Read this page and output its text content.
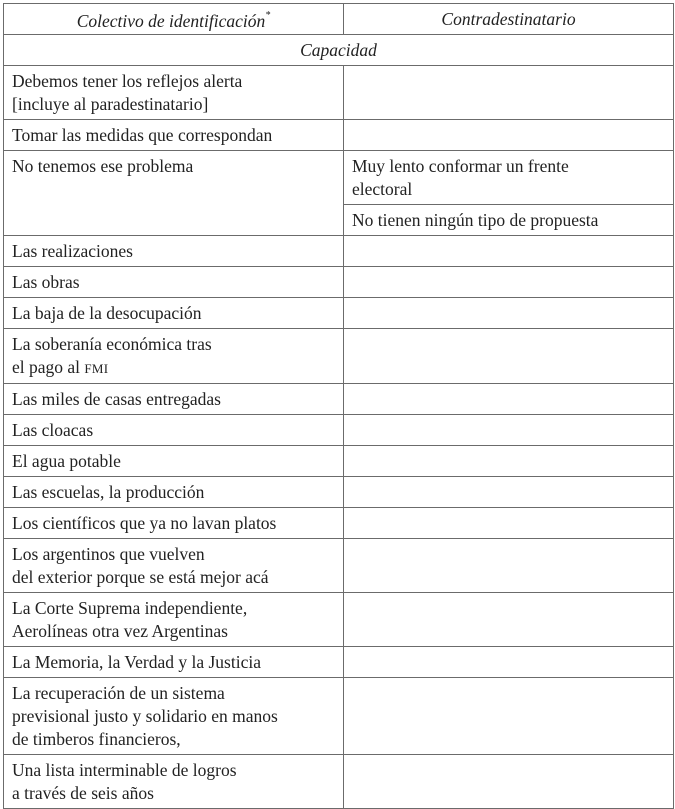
Colectivo de identificación*	Contradestinatario
Capacidad	

Debemos tener los reflejos alerta
[incluye al paradestinatario]	

Tomar las medidas que correspondan	

No tenemos ese problema	Muy lento conformar un frente
electoral

	No tienen ningún tipo de propuesta

Las realizaciones	

Las obras	

La baja de la desocupación	

La soberanía económica tras
el pago al FMI	

Las miles de casas entregadas	

Las cloacas	

El agua potable	

Las escuelas, la producción	

Los científicos que ya no lavan platos	

Los argentinos que vuelven
del exterior porque se está mejor acá	

La Corte Suprema independiente,
Aerolíneas otra vez Argentinas	

La Memoria, la Verdad y la Justicia	

La recuperación de un sistema
previsional justo y solidario en manos
de timberos financieros,	

Una lista interminable de logros
a través de seis años	
